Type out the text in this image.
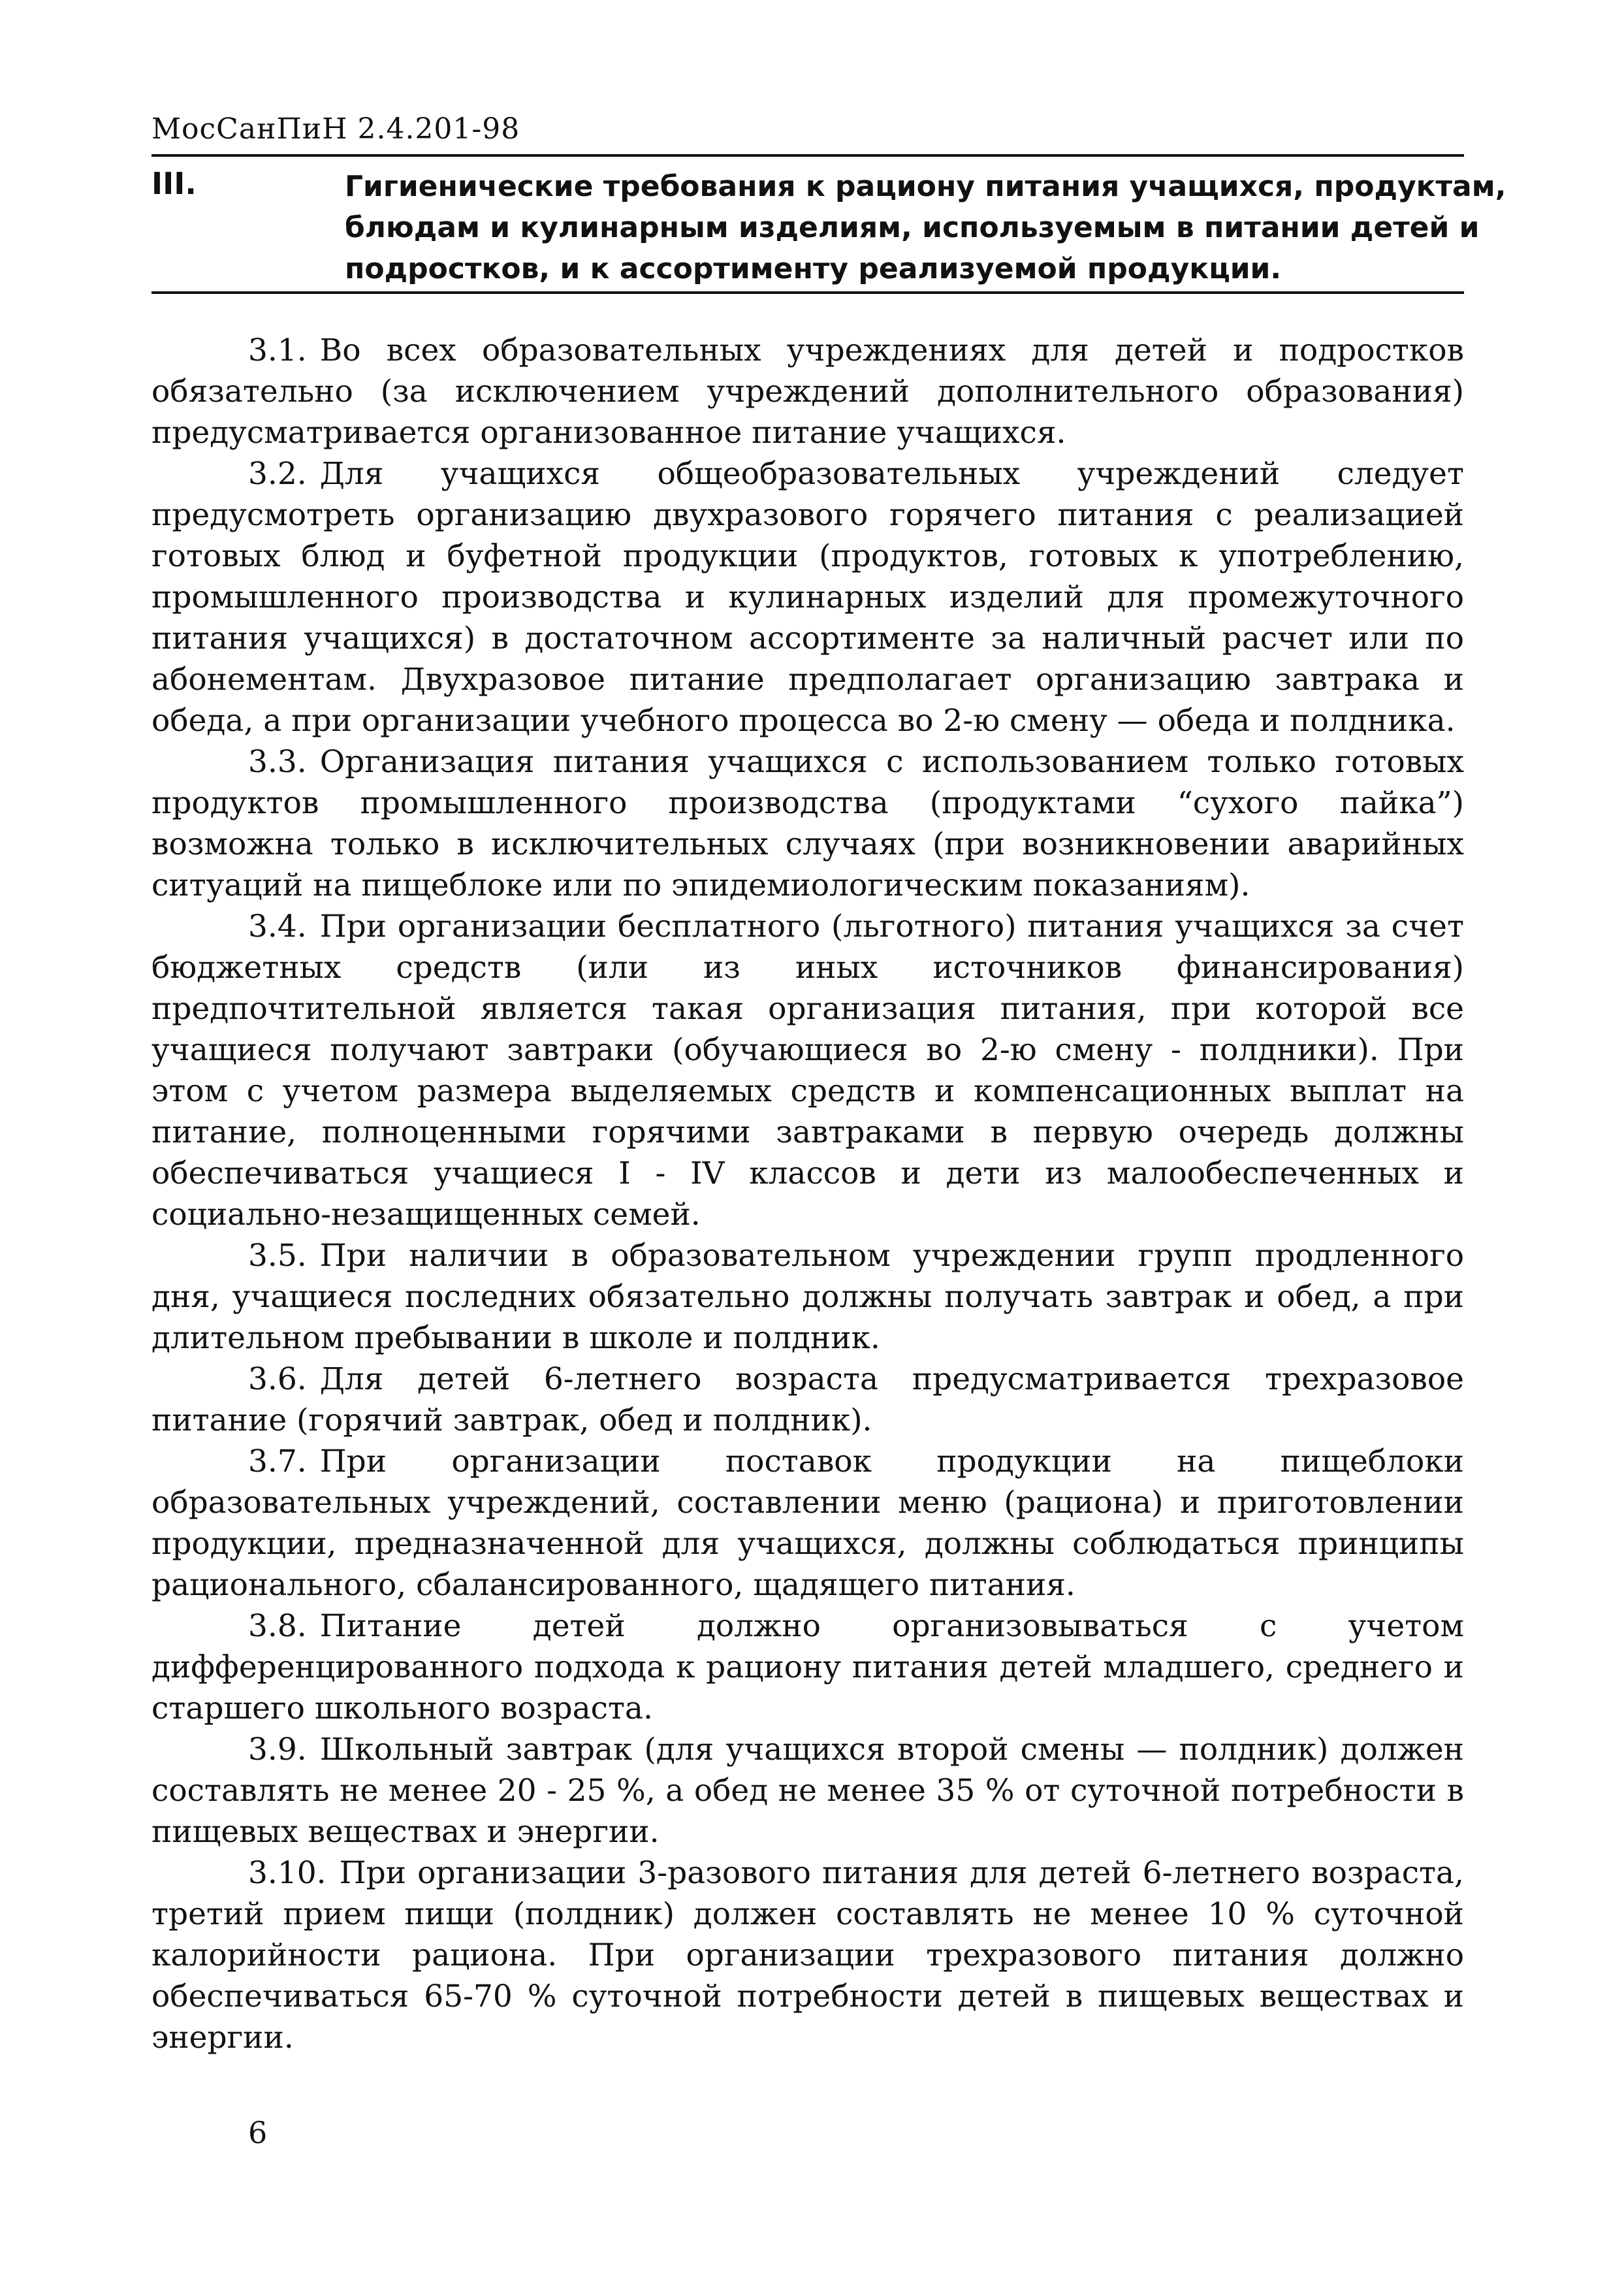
МосСанПиН 2.4.201-98
III.	Гигиенические требования к рациону питания учащихся, продуктам,
блюдам и кулинарным изделиям, используемым в питании детей и
подростков, и к ассортименту реализуемой продукции.

3.1. Во всех образовательных учреждениях для детей и подростков обязательно (за исключением учреждений дополнительного образования) предусматривается организованное питание учащихся.

3.2. Для учащихся общеобразовательных учреждений следует предусмотреть организацию двухразового горячего питания с реализацией готовых блюд и буфетной продукции (продуктов, готовых к употреблению, промышленного производства и кулинарных изделий для промежуточного питания учащихся) в достаточном ассортименте за наличный расчет или по абонементам. Двухразовое питание предполагает организацию завтрака и обеда, а при организации учебного процесса во 2-ю смену — обеда и полдника.

3.3. Организация питания учащихся с использованием только готовых продуктов промышленного производства (продуктами “сухого пайка”) возможна только в исключительных случаях (при возникновении аварийных ситуаций на пищеблоке или по эпидемиологическим показаниям).

3.4. При организации бесплатного (льготного) питания учащихся за счет бюджетных средств (или из иных источников финансирования) предпочтительной является такая организация питания, при которой все учащиеся получают завтраки (обучающиеся во 2-ю смену - полдники). При этом с учетом размера выделяемых средств и компенсационных выплат на питание, полноценными горячими завтраками в первую очередь должны обеспечиваться учащиеся I - IV классов и дети из малообеспеченных и социально-незащищенных семей.

3.5. При наличии в образовательном учреждении групп продленного дня, учащиеся последних обязательно должны получать завтрак и обед, а при длительном пребывании в школе и полдник.

3.6. Для детей 6-летнего возраста предусматривается трехразовое питание (горячий завтрак, обед и полдник).

3.7. При организации поставок продукции на пищеблоки образовательных учреждений, составлении меню (рациона) и приготовлении продукции, предназначенной для учащихся, должны соблюдаться принципы рационального, сбалансированного, щадящего питания.

3.8. Питание детей должно организовываться с учетом дифференцированного подхода к рациону питания детей младшего, среднего и старшего школьного возраста.

3.9. Школьный завтрак (для учащихся второй смены — полдник) должен составлять не менее 20 - 25 %, а обед не менее 35 % от суточной потребности в пищевых веществах и энергии.

3.10. При организации 3-разового питания для детей 6-летнего возраста, третий прием пищи (полдник) должен составлять не менее 10 % суточной калорийности рациона. При организации трехразового питания должно обеспечиваться 65-70 % суточной потребности детей в пищевых веществах и энергии.

6
